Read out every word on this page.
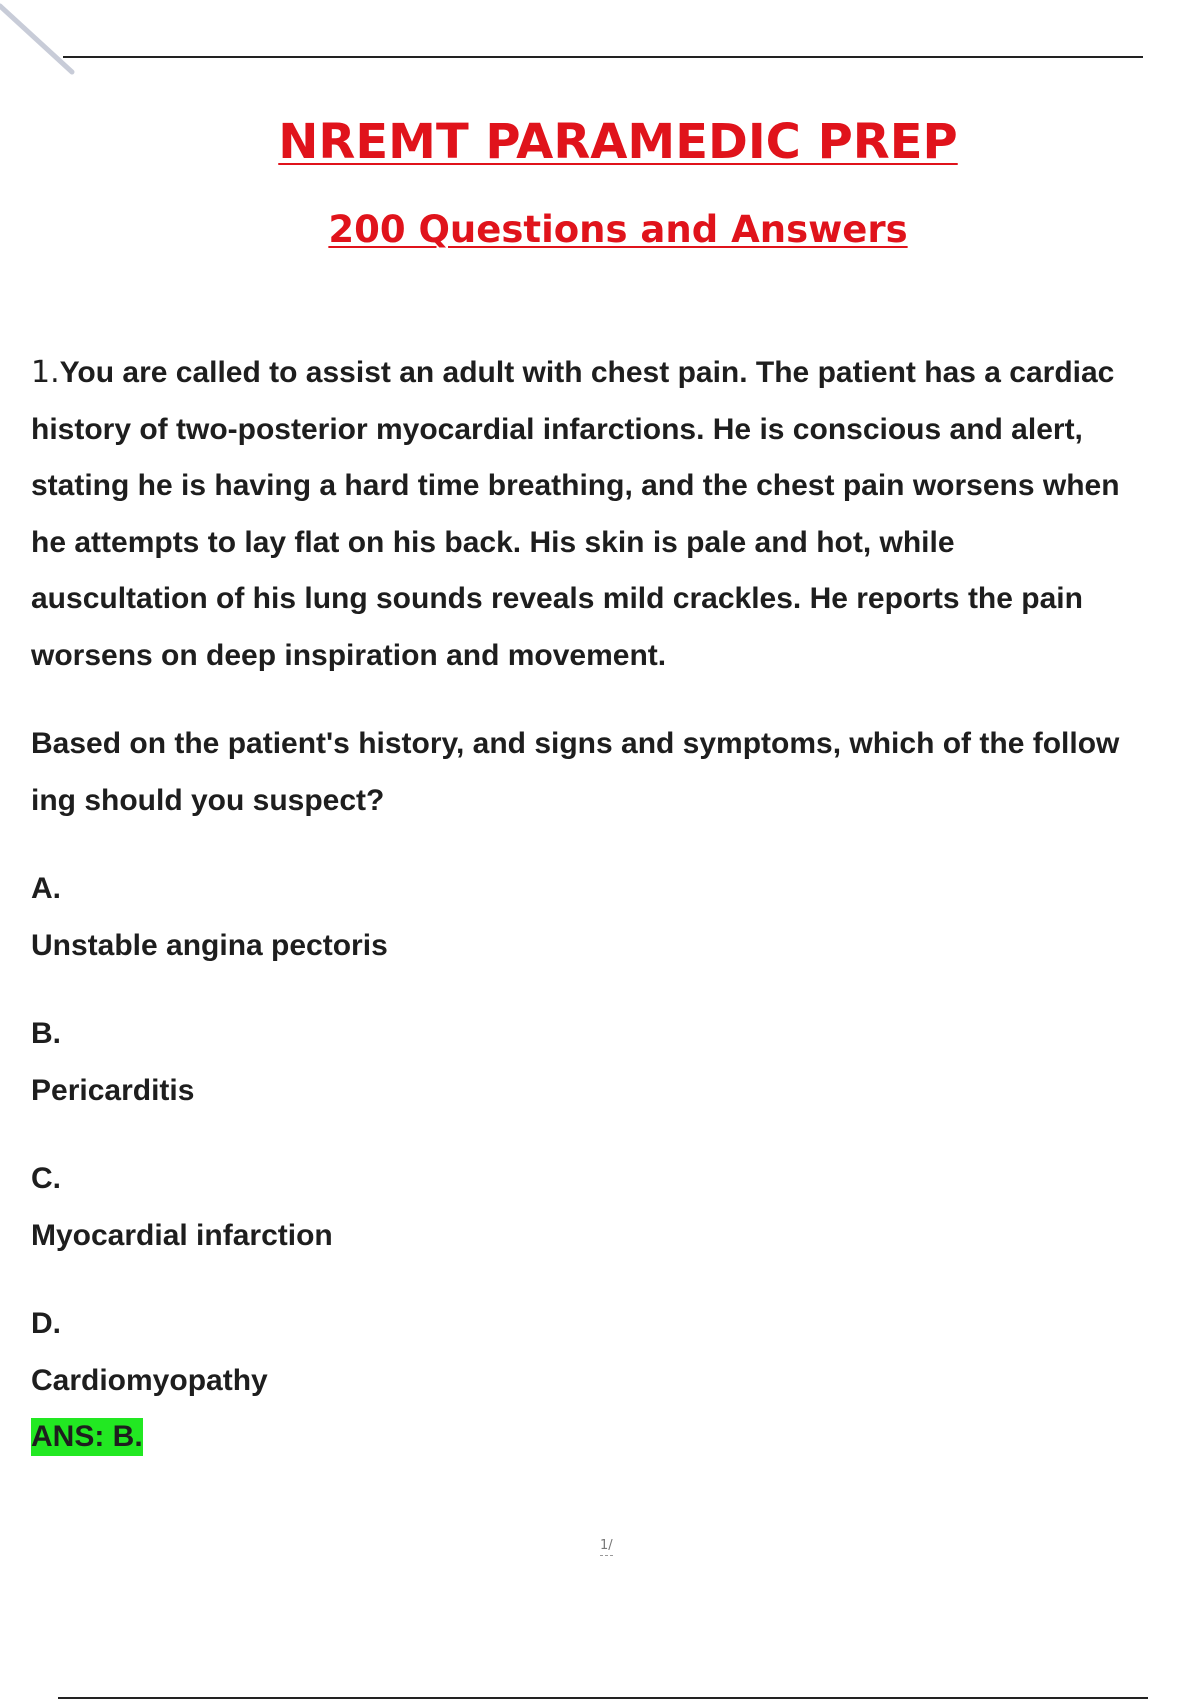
NREMT PARAMEDIC PREP
200 Questions and Answers
1.You are called to assist an adult with chest pain. The patient has a cardiac
history of two-posterior myocardial infarctions. He is conscious and alert,
stating he is having a hard time breathing, and the chest pain worsens when
he attempts to lay flat on his back. His skin is pale and hot, while
auscultation of his lung sounds reveals mild crackles. He reports the pain
worsens on deep inspiration and movement.
Based on the patient's history, and signs and symptoms, which of the follow
ing should you suspect?
A.
Unstable angina pectoris
B.
Pericarditis
C.
Myocardial infarction
D.
Cardiomyopathy
ANS: B.
1/
